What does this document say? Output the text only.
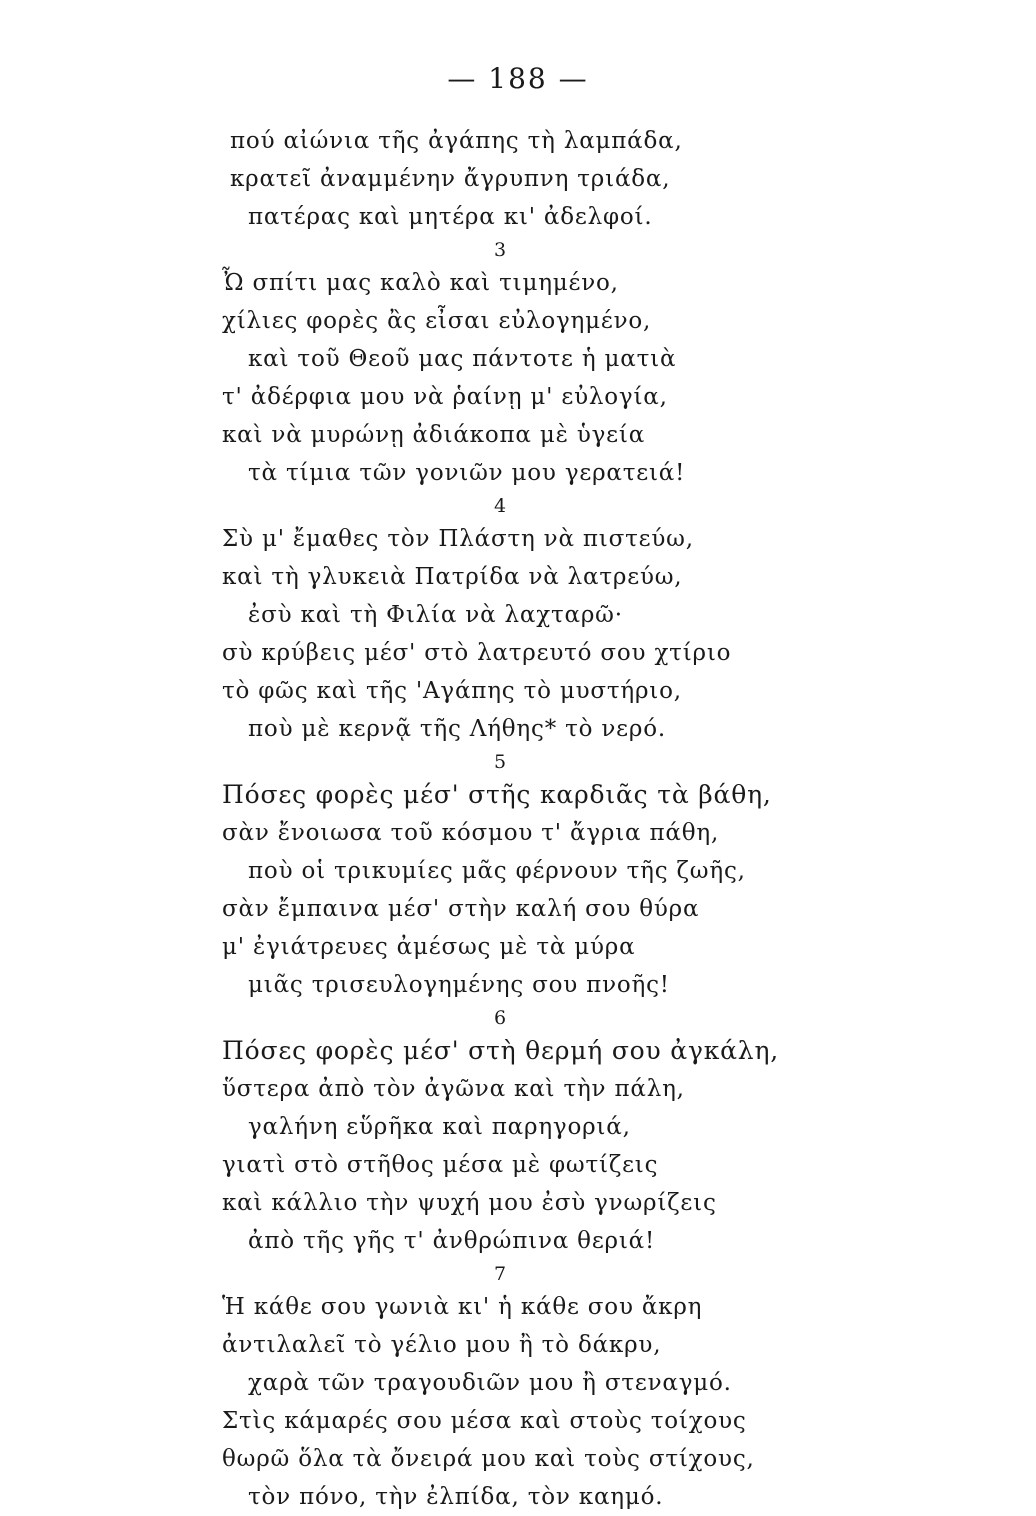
— 188 —
πού αἰώνια τῆς ἀγάπης τὴ λαμπάδα,
κρατεῖ ἀναμμένην ἄγρυπνη τριάδα,
πατέρας καὶ μητέρα κι' ἀδελφοί.
3
Ὦ σπίτι μας καλὸ καὶ τιμημένο,
χίλιες φορὲς ἂς εἶσαι εὐλογημένο,
καὶ τοῦ Θεοῦ μας πάντοτε ἡ ματιὰ
τ' ἀδέρφια μου νὰ ῥαίνῃ μ' εὐλογία,
καὶ νὰ μυρώνῃ ἀδιάκοπα μὲ ὑγεία
τὰ τίμια τῶν γονιῶν μου γερατειά!
4
Σὺ μ' ἔμαθες τὸν Πλάστη νὰ πιστεύω,
καὶ τὴ γλυκειὰ Πατρίδα νὰ λατρεύω,
ἐσὺ καὶ τὴ Φιλία νὰ λαχταρῶ·
σὺ κρύβεις μέσ' στὸ λατρευτό σου χτίριο
τὸ φῶς καὶ τῆς 'Αγάπης τὸ μυστήριο,
ποὺ μὲ κερνᾷ τῆς Λήθης* τὸ νερό.
5
Πόσες φορὲς μέσ' στῆς καρδιᾶς τὰ βάθη,
σὰν ἔνοιωσα τοῦ κόσμου τ' ἄγρια πάθη,
ποὺ οἱ τρικυμίες μᾶς φέρνουν τῆς ζωῆς,
σὰν ἔμπαινα μέσ' στὴν καλή σου θύρα
μ' ἐγιάτρευες ἀμέσως μὲ τὰ μύρα
μιᾶς τρισευλογημένης σου πνοῆς!
6
Πόσες φορὲς μέσ' στὴ θερμή σου ἀγκάλη,
ὕστερα ἀπὸ τὸν ἀγῶνα καὶ τὴν πάλη,
γαλήνη εὕρῆκα καὶ παρηγοριά,
γιατὶ στὸ στῆθος μέσα μὲ φωτίζεις
καὶ κάλλιο τὴν ψυχή μου ἐσὺ γνωρίζεις
ἀπὸ τῆς γῆς τ' ἀνθρώπινα θεριά!
7
Ἡ κάθε σου γωνιὰ κι' ἡ κάθε σου ἄκρη
ἀντιλαλεῖ τὸ γέλιο μου ἢ τὸ δάκρυ,
χαρὰ τῶν τραγουδιῶν μου ἢ στεναγμό.
Στὶς κάμαρές σου μέσα καὶ στοὺς τοίχους
θωρῶ ὅλα τὰ ὄνειρά μου καὶ τοὺς στίχους,
τὸν πόνο, τὴν ἐλπίδα, τὸν καημό.
